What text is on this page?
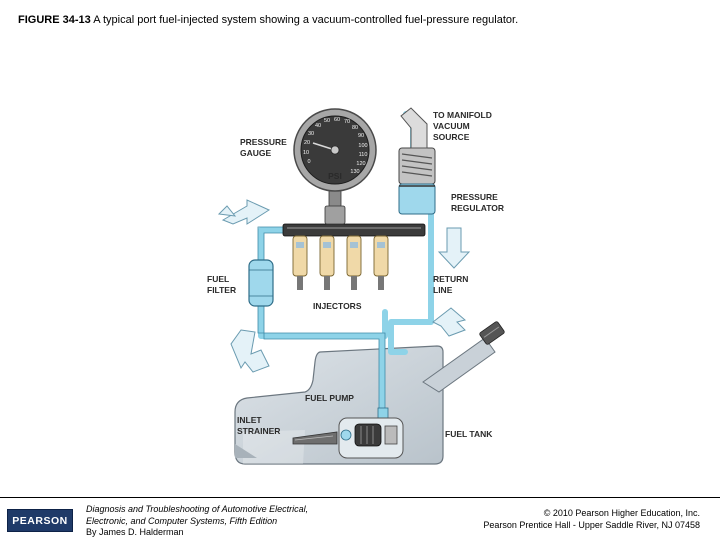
FIGURE 34-13 A typical port fuel-injected system showing a vacuum-controlled fuel-pressure regulator.
0
10
20
30
40
50 60 70
80
90
100
110
120
130
PSI
TO MANIFOLD
VACUUM
SOURCE
PRESSURE
GAUGE
PRESSURE
REGULATOR
FUEL
FILTER
RETURN
LINE
INJECTORS
FUEL PUMP
INLET
STRAINER	FUEL TANK
PEARSON
Diagnosis and Troubleshooting of Automotive Electrical,
Electronic, and Computer Systems, Fifth Edition
By James D. Halderman
© 2010 Pearson Higher Education, Inc.
Pearson Prentice Hall - Upper Saddle River, NJ 07458
